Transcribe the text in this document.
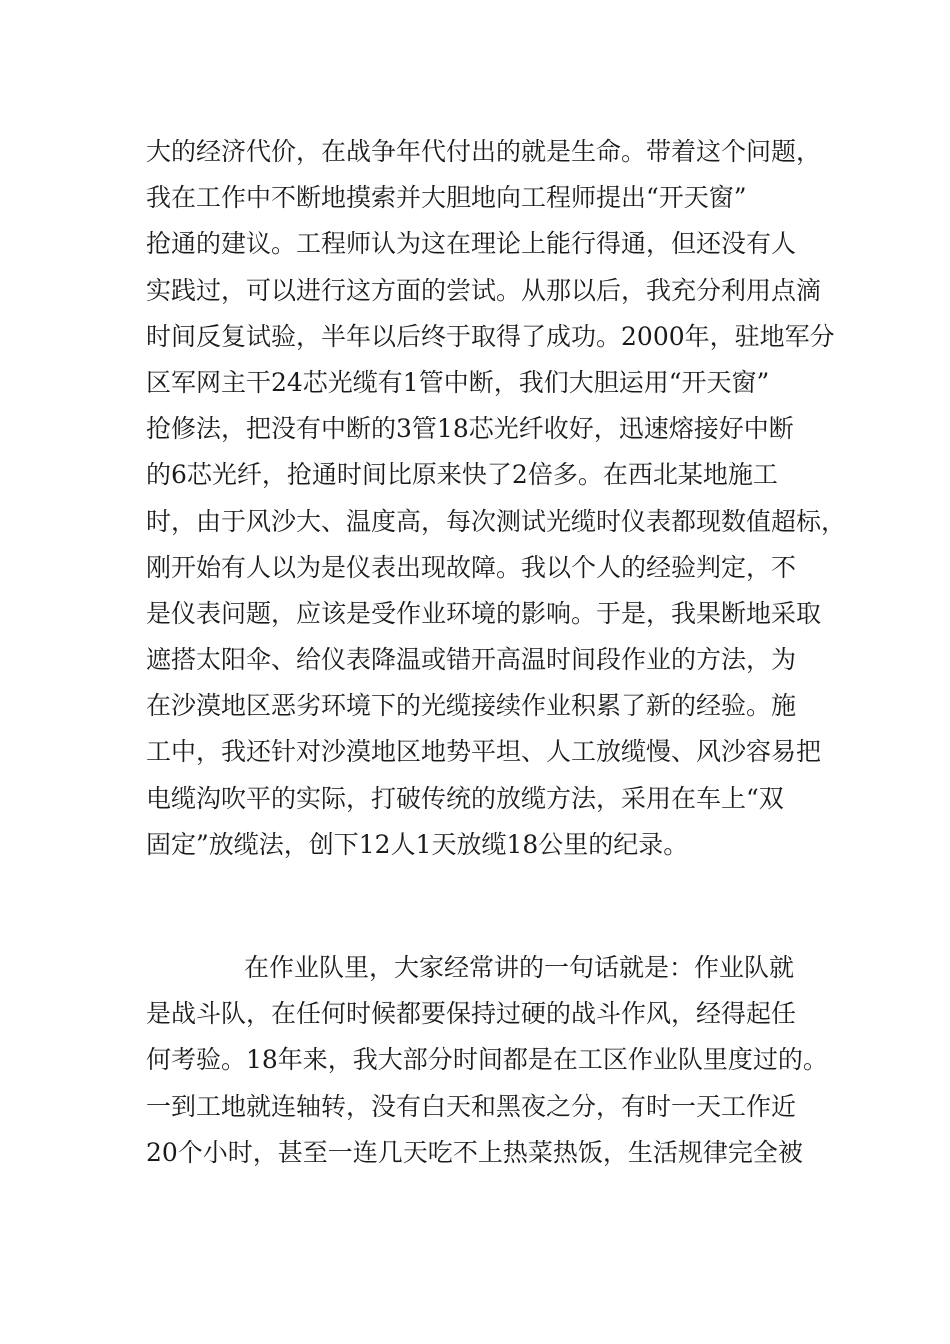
大的经济代价，在战争年代付出的就是生命。带着这个问题，
我在工作中不断地摸索并大胆地向工程师提出“开天窗”
抢通的建议。工程师认为这在理论上能行得通，但还没有人
实践过，可以进行这方面的尝试。从那以后，我充分利用点滴
时间反复试验，半年以后终于取得了成功。2000年，驻地军分
区军网主干24芯光缆有1管中断，我们大胆运用“开天窗”
抢修法，把没有中断的3管18芯光纤收好，迅速熔接好中断
的6芯光纤，抢通时间比原来快了2倍多。在西北某地施工
时，由于风沙大、温度高，每次测试光缆时仪表都现数值超标，
刚开始有人以为是仪表出现故障。我以个人的经验判定，不
是仪表问题，应该是受作业环境的影响。于是，我果断地采取
遮搭太阳伞、给仪表降温或错开高温时间段作业的方法，为
在沙漠地区恶劣环境下的光缆接续作业积累了新的经验。施
工中，我还针对沙漠地区地势平坦、人工放缆慢、风沙容易把
电缆沟吹平的实际，打破传统的放缆方法，采用在车上“双
固定”放缆法，创下12人1天放缆18公里的纪录。
在作业队里，大家经常讲的一句话就是：作业队就
是战斗队，在任何时候都要保持过硬的战斗作风，经得起任
何考验。18年来，我大部分时间都是在工区作业队里度过的。
一到工地就连轴转，没有白天和黑夜之分，有时一天工作近
20个小时，甚至一连几天吃不上热菜热饭，生活规律完全被
